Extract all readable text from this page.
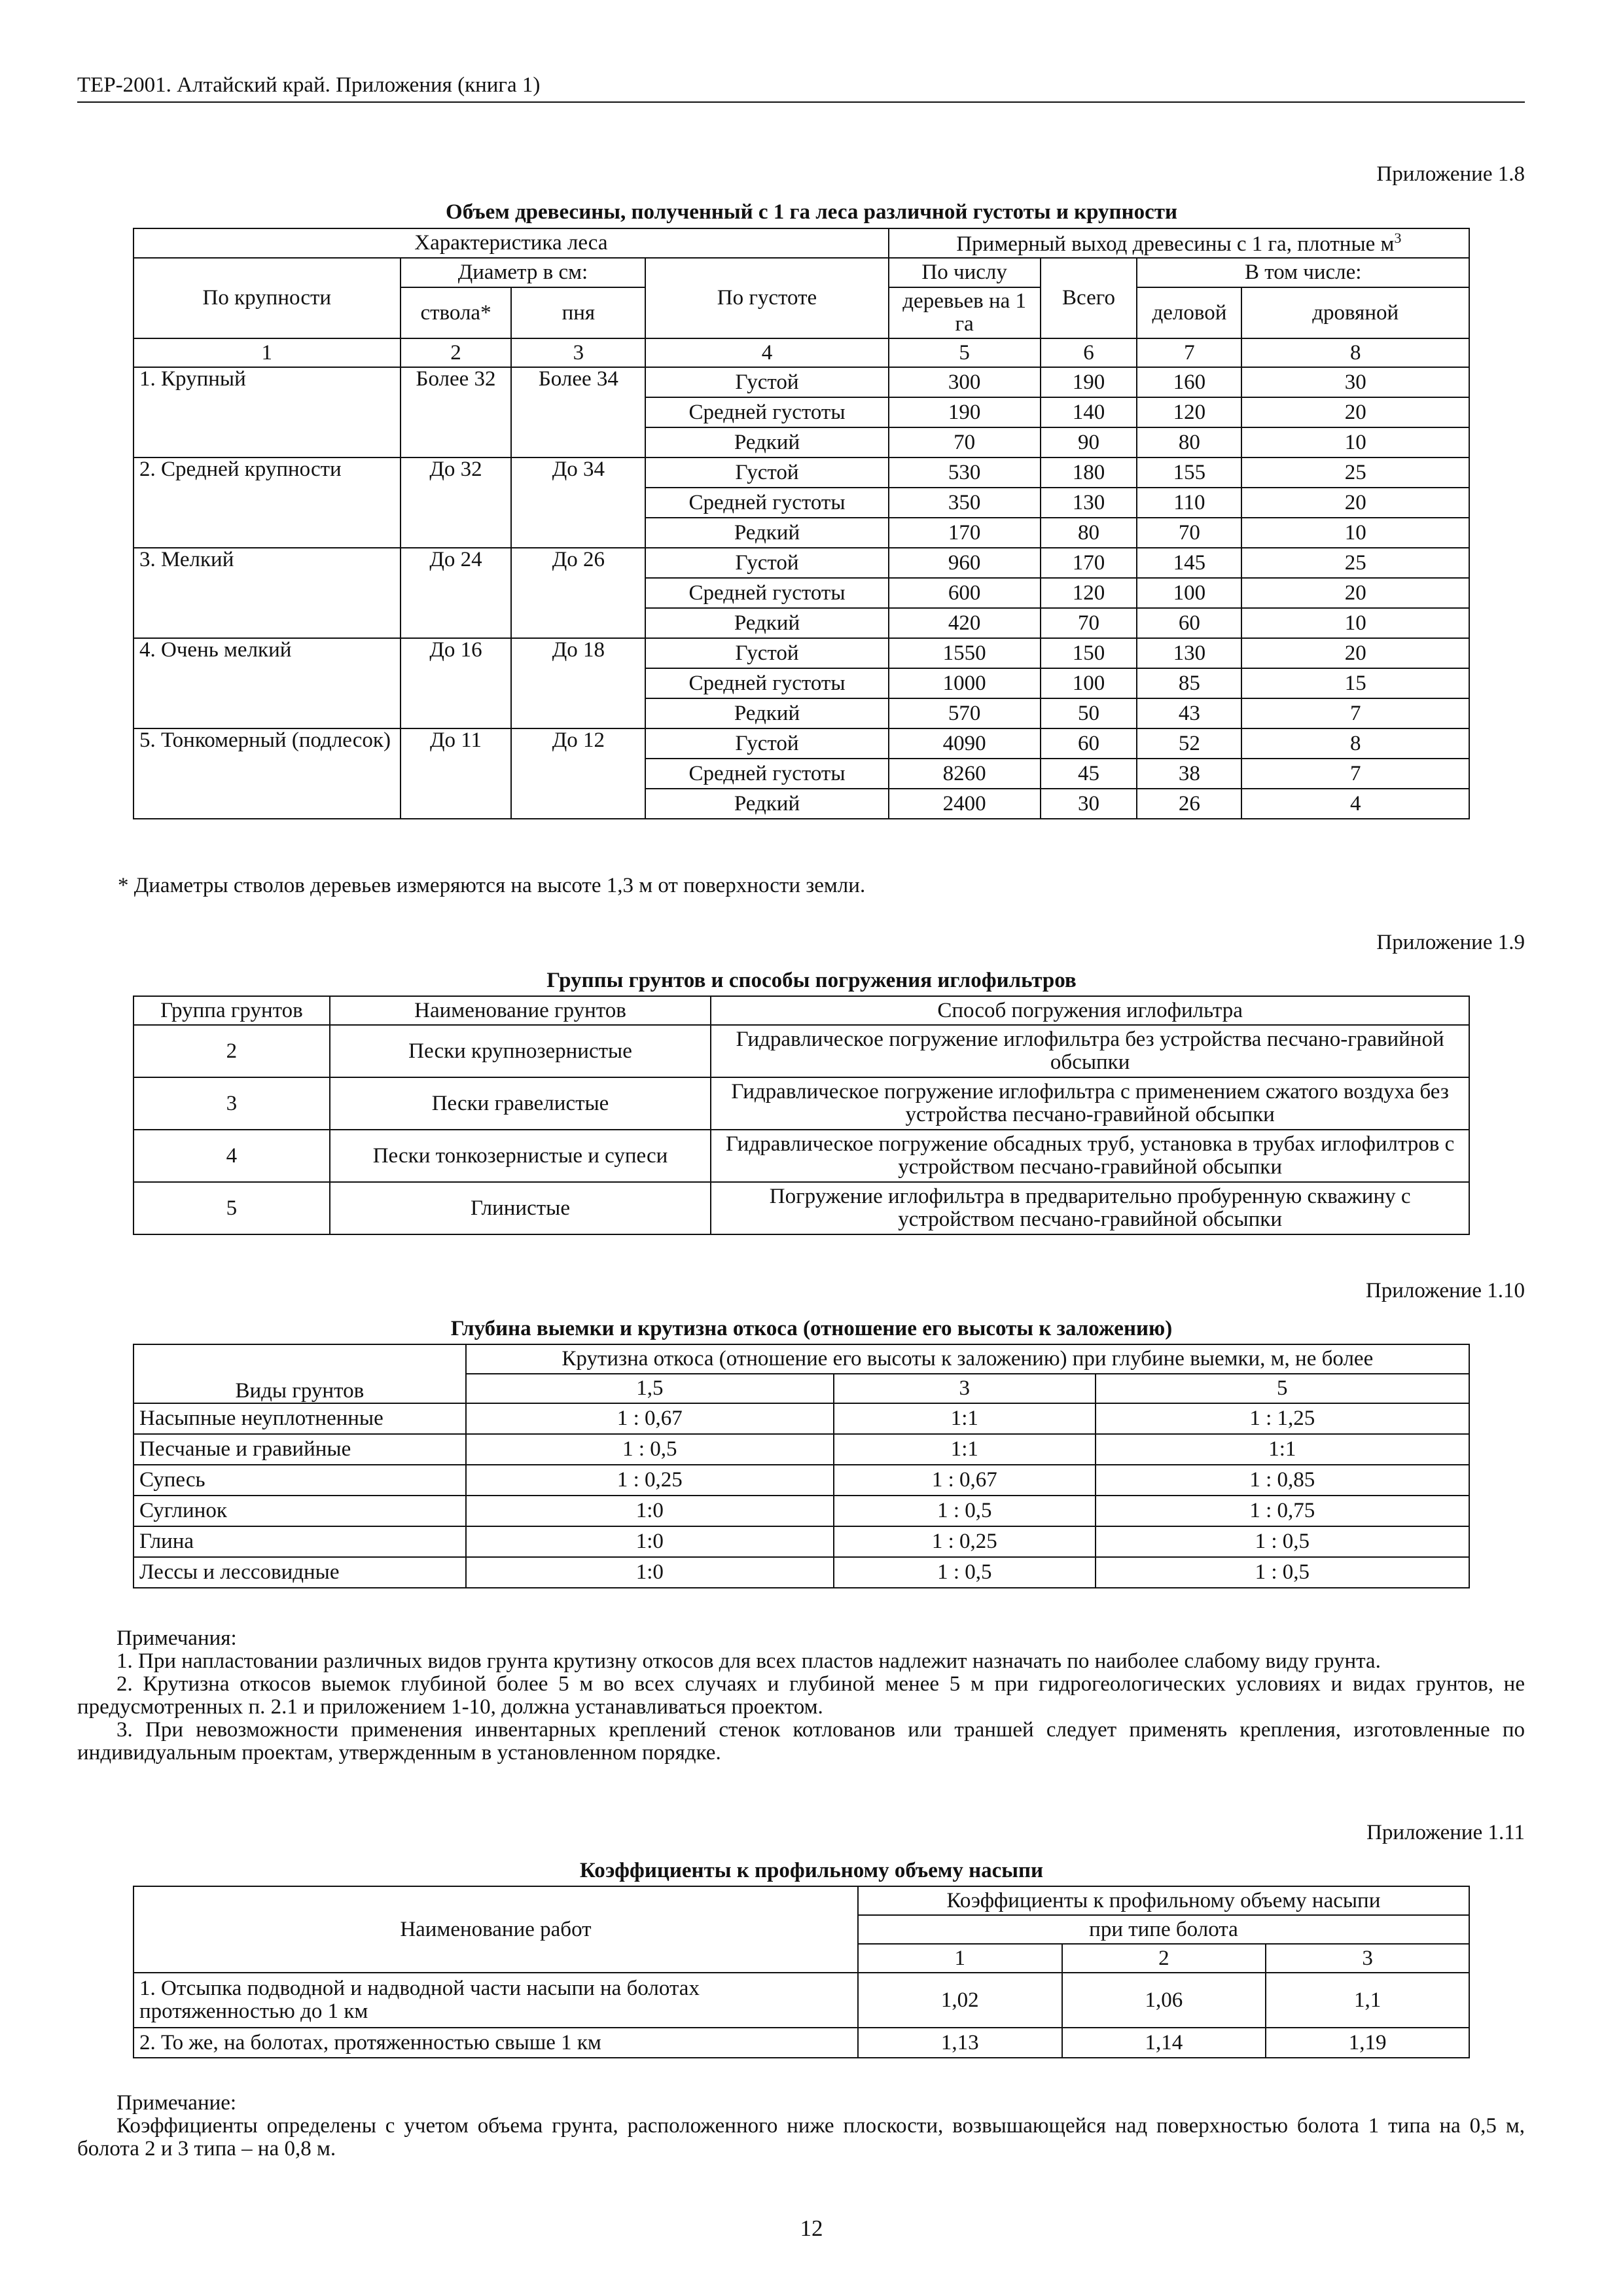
ТЕР-2001. Алтайский край. Приложения (книга 1)
Приложение 1.8
Объем древесины, полученный с 1 га леса различной густоты и крупности
Характеристика леса				Примерный выход древесины с 1 га, плотные $м^3$
По крупности	Диаметр в см:		По густоте	По числу	Всего	В том числе:	
	ствола*	пня		деревьев на 1 га		деловой	дровяной
1	2	3	4	5	6	7	8
1. Крупный	Более 32	Более 34	Густой	300	190	160	30
			Средней густоты	190	140	120	20
			Редкий	70	90	80	10
2. Средней крупности	До 32	До 34	Густой	530	180	155	25
			Средней густоты	350	130	110	20
			Редкий	170	80	70	10
3. Мелкий	До 24	До 26	Густой	960	170	145	25
			Средней густоты	600	120	100	20
			Редкий	420	70	60	10
4. Очень мелкий	До 16	До 18	Густой	1550	150	130	20
			Средней густоты	1000	100	85	15
			Редкий	570	50	43	7
5. Тонкомерный (подлесок)	До 11	До 12	Густой	4090	60	52	8
			Средней густоты	8260	45	38	7
			Редкий	2400	30	26	4
* Диаметры стволов деревьев измеряются на высоте 1,3 м от поверхности земли.
Приложение 1.9
Группы грунтов и способы погружения иглофильтров
Группа грунтов	Наименование грунтов	Способ погружения иглофильтра
2	Пески крупнозернистые	Гидравлическое погружение иглофильтра без устройства песчано-гравийной обсыпки
3	Пески гравелистые	Гидравлическое погружение иглофильтра с применением сжатого воздуха без устройства песчано-гравийной обсыпки
4	Пески тонкозернистые и супеси	Гидравлическое погружение обсадных труб, установка в трубах иглофилтров с устройством песчано-гравийной обсыпки
5	Глинистые	Погружение иглофильтра в предварительно пробуренную скважину с устройством песчано-гравийной обсыпки
Приложение 1.10
Глубина выемки и крутизна откоса (отношение его высоты к заложению)
Виды грунтов	Крутизна откоса (отношение его высоты к заложению) при глубине выемки, м, не более		
	1,5	3	5
Насыпные неуплотненные	1 : 0,67	1:1	1 : 1,25
Песчаные и гравийные	1 : 0,5	1:1	1:1
Супесь	1 : 0,25	1 : 0,67	1 : 0,85
Суглинок	1:0	1 : 0,5	1 : 0,75
Глина	1:0	1 : 0,25	1 : 0,5
Лессы и лессовидные	1:0	1 : 0,5	1 : 0,5

Примечания:

1. При напластовании различных видов грунта крутизну откосов для всех пластов надлежит назначать по наиболее слабому виду грунта.

2. Крутизна откосов выемок глубиной более 5 м во всех случаях и глубиной менее 5 м при гидрогеологических условиях и видах грунтов, не предусмотренных п. 2.1 и приложением 1-10, должна устанавливаться проектом.

3. При невозможности применения инвентарных креплений стенок котлованов или траншей следует применять крепления, изготовленные по индивидуальным проектам, утвержденным в установленном порядке.

Приложение 1.11
Коэффициенты к профильному объему насыпи
Наименование работ	Коэффициенты к профильному объему насыпи		
	при типе болота		
	1	2	3
1. Отсыпка подводной и надводной части насыпи на болотах протяженностью до 1 км	1,02	1,06	1,1
2. То же, на болотах, протяженностью свыше 1 км	1,13	1,14	1,19

Примечание:

Коэффициенты определены с учетом объема грунта, расположенного ниже плоскости, возвышающейся над поверхностью болота 1 типа на 0,5 м, болота 2 и 3 типа – на 0,8 м.

12
